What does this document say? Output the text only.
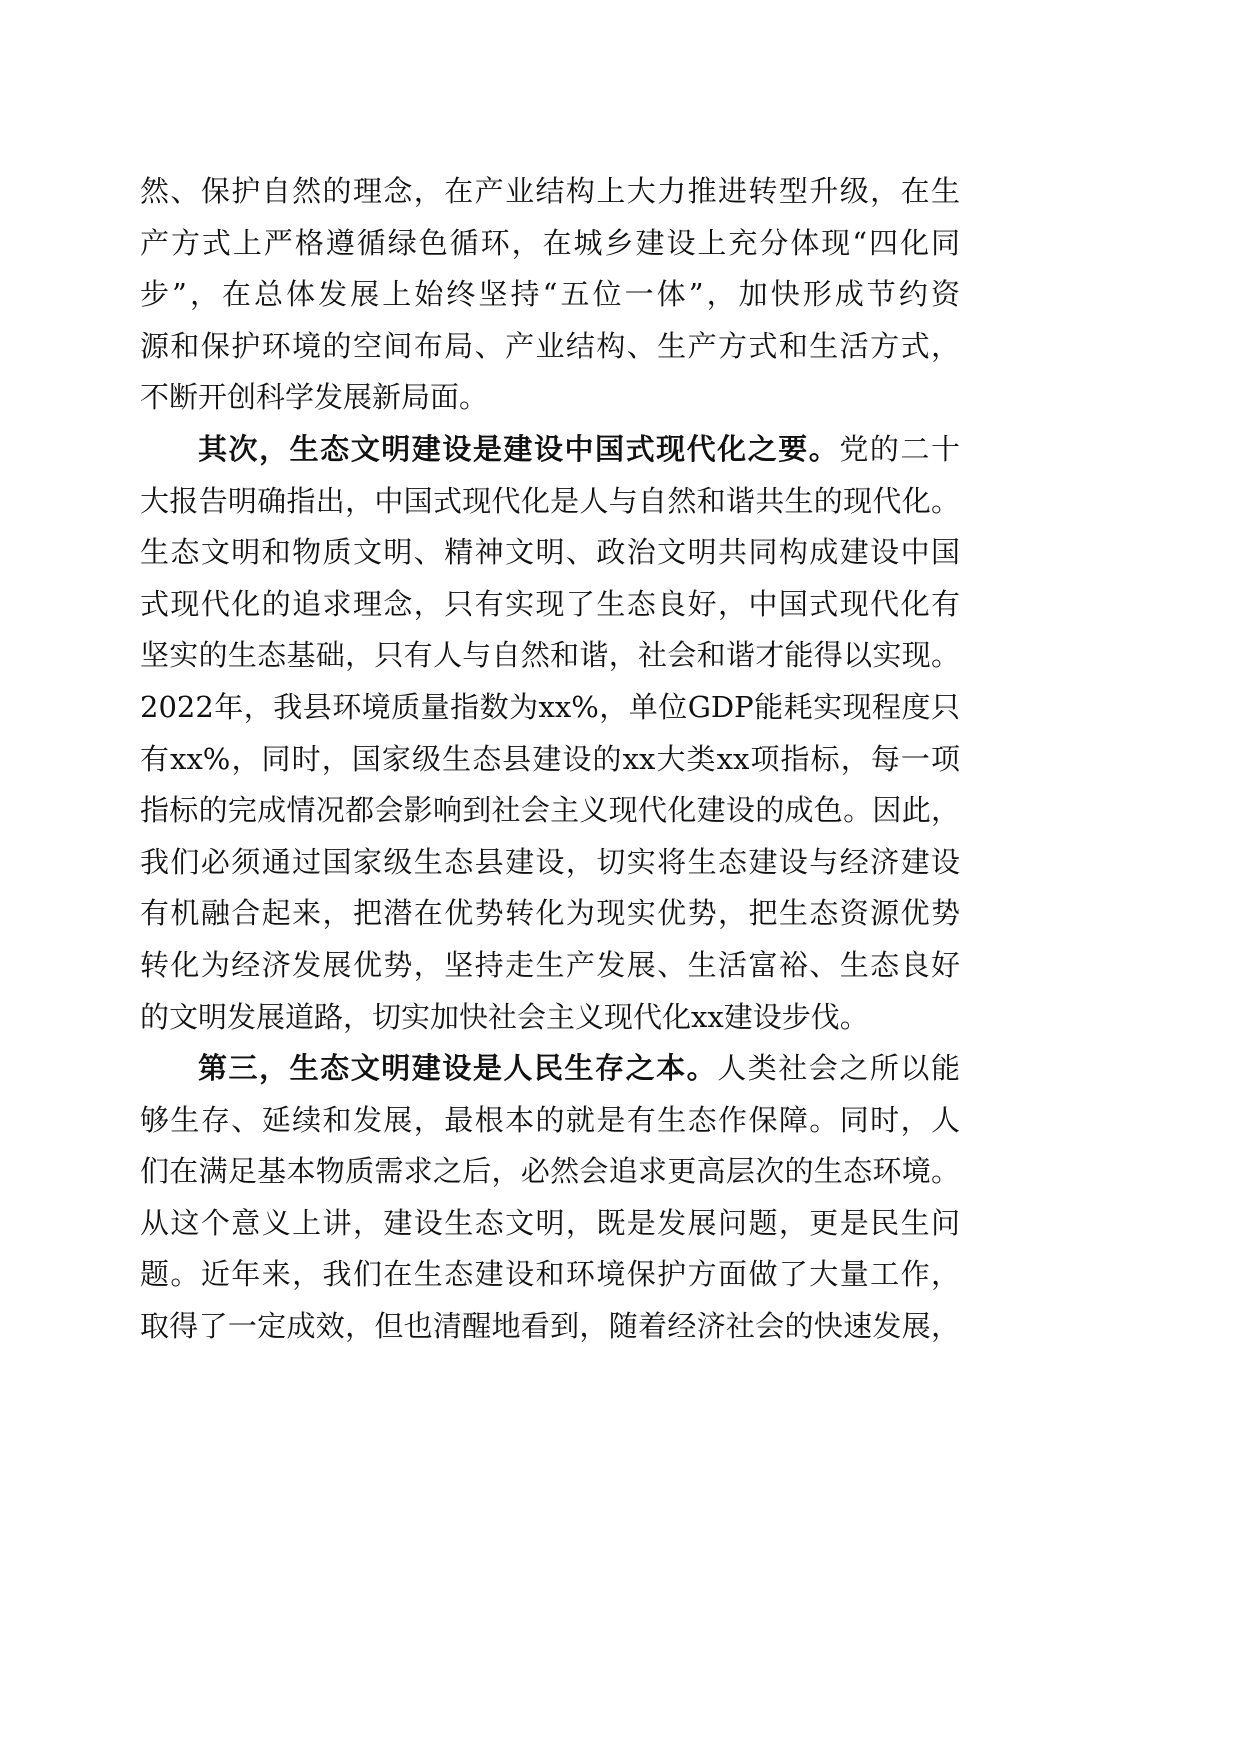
然、保护自然的理念，在产业结构上大力推进转型升级，在生
产方式上严格遵循绿色循环，在城乡建设上充分体现“四化同
步”，在总体发展上始终坚持“五位一体”，加快形成节约资
源和保护环境的空间布局、产业结构、生产方式和生活方式，
不断开创科学发展新局面。
其次，生态文明建设是建设中国式现代化之要。党的二十
大报告明确指出，中国式现代化是人与自然和谐共生的现代化。
生态文明和物质文明、精神文明、政治文明共同构成建设中国
式现代化的追求理念，只有实现了生态良好，中国式现代化有
坚实的生态基础，只有人与自然和谐，社会和谐才能得以实现。
2022年，我县环境质量指数为xx%，单位GDP能耗实现程度只
有xx%，同时，国家级生态县建设的xx大类xx项指标，每一项
指标的完成情况都会影响到社会主义现代化建设的成色。因此，
我们必须通过国家级生态县建设，切实将生态建设与经济建设
有机融合起来，把潜在优势转化为现实优势，把生态资源优势
转化为经济发展优势，坚持走生产发展、生活富裕、生态良好
的文明发展道路，切实加快社会主义现代化xx建设步伐。
第三，生态文明建设是人民生存之本。人类社会之所以能
够生存、延续和发展，最根本的就是有生态作保障。同时，人
们在满足基本物质需求之后，必然会追求更高层次的生态环境。
从这个意义上讲，建设生态文明，既是发展问题，更是民生问
题。近年来，我们在生态建设和环境保护方面做了大量工作，
取得了一定成效，但也清醒地看到，随着经济社会的快速发展，
